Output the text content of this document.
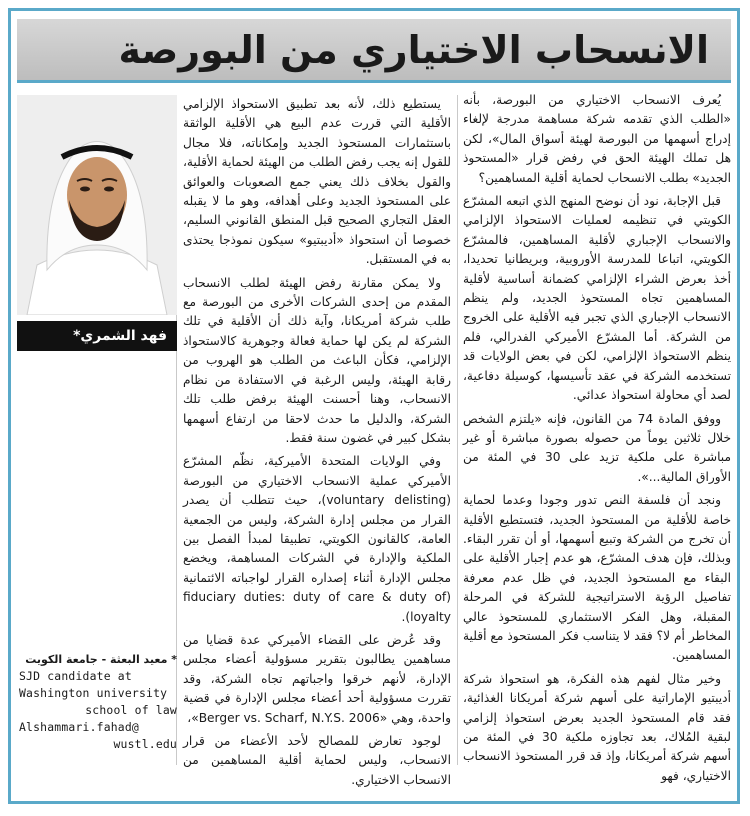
الانسحاب الاختياري من البورصة

يُعرف الانسحاب الاختياري من البورصة، بأنه «الطلب الذي تقدمه شركة مساهمة مدرجة لإلغاء إدراج أسهمها من البورصة لهيئة أسواق المال»، لكن هل تملك الهيئة الحق في رفض قرار «المستحوذ الجديد» بطلب الانسحاب لحماية أقلية المساهمين؟

قبل الإجابة، نود أن نوضح المنهج الذي اتبعه المشرّع الكويتي في تنظيمه لعمليات الاستحواذ الإلزامي والانسحاب الإجباري لأقلية المساهمين، فالمشرّع الكويتي، اتباعا للمدرسة الأوروبية، وبريطانيا تحديدا، أخذ بعرض الشراء الإلزامي كضمانة أساسية لأقلية المساهمين تجاه المستحوذ الجديد، ولم ينظم الانسحاب الإجباري الذي تجبر فيه الأقلية على الخروج من الشركة. أما المشرّع الأميركي الفدرالي، فلم ينظم الاستحواذ الإلزامي، لكن في بعض الولايات قد تستخدمه الشركة في عقد تأسيسها، كوسيلة دفاعية، لصد أي محاولة استحواذ عدائي.

ووفق المادة 74 من القانون، فإنه «يلتزم الشخص خلال ثلاثين يوماً من حصوله بصورة مباشرة أو غير مباشرة على ملكية تزيد على 30 في المئة من الأوراق المالية...».

ونجد أن فلسفة النص تدور وجودا وعدما لحماية خاصة للأقلية من المستحوذ الجديد، فتستطيع الأقلية أن تخرج من الشركة وتبيع أسهمها، أو أن تقرر البقاء. وبذلك، فإن هدف المشرّع، هو عدم إجبار الأقلية على البقاء مع المستحوذ الجديد، في ظل عدم معرفة تفاصيل الرؤية الاستراتيجية للشركة في المرحلة المقبلة، وهل الفكر الاستثماري للمستحوذ عالي المخاطر أم لا؟ فقد لا يتناسب فكر المستحوذ مع أقلية المساهمين.

وخير مثال لفهم هذه الفكرة، هو استحواذ شركة أديبتيو الإماراتية على أسهم شركة أمريكانا الغذائية، فقد قام المستحوذ الجديد بعرض استحواذ إلزامي لبقية المُلاك، بعد تجاوزه ملكية 30 في المئة من أسهم شركة أمريكانا، وإذ قد قرر المستحوذ الانسحاب الاختياري، فهو

يستطيع ذلك، لأنه بعد تطبيق الاستحواذ الإلزامي الأقلية التي قررت عدم البيع هي الأقلية الواثقة باستثمارات المستحوذ الجديد وإمكاناته، فلا مجال للقول إنه يجب رفض الطلب من الهيئة لحماية الأقلية، والقول بخلاف ذلك يعني جمع الصعوبات والعوائق على المستحوذ الجديد وعلى أهدافه، وهو ما لا يقبله العقل التجاري الصحيح قبل المنطق القانوني السليم، خصوصا أن استحواذ «أديبتيو» سيكون نموذجا يحتذى به في المستقبل.

ولا يمكن مقارنة رفض الهيئة لطلب الانسحاب المقدم من إحدى الشركات الأخرى من البورصة مع طلب شركة أمريكانا، وآية ذلك أن الأقلية في تلك الشركة لم يكن لها حماية فعالة وجوهرية كالاستحواذ الإلزامي، فكأن الباعث من الطلب هو الهروب من رقابة الهيئة، وليس الرغبة في الاستفادة من نظام الانسحاب، وهنا أحسنت الهيئة برفض طلب تلك الشركة، والدليل ما حدث لاحقا من ارتفاع أسهمها بشكل كبير في غضون سنة فقط.

وفي الولايات المتحدة الأميركية، نظّم المشرّع الأميركي عملية الانسحاب الاختياري من البورصة (voluntary delisting)، حيث تتطلب أن يصدر القرار من مجلس إدارة الشركة، وليس من الجمعية العامة، كالقانون الكويتي، تطبيقا لمبدأ الفصل بين الملكية والإدارة في الشركات المساهمة، ويخضع مجلس الإدارة أثناء إصداره القرار لواجباته الائتمانية (fiduciary duties: duty of care & duty of loyalty).

وقد عُرض على القضاء الأميركي عدة قضايا من مساهمين يطالبون بتقرير مسؤولية أعضاء مجلس الإدارة، لأنهم خرقوا واجباتهم تجاه الشركة، وقد تقررت مسؤولية أحد أعضاء مجلس الإدارة في قضية واحدة، وهي «Berger vs. Scharf, N.Y.S. 2006»،

لوجود تعارض للمصالح لأحد الأعضاء من قرار الانسحاب، وليس لحماية أقلية المساهمين من الانسحاب الاختياري.

فهد الشمري*
* معيد البعثة - جامعة الكويت
SJD candidate at
Washington university
school of law
Alshammari.fahad@
wustl.edu
